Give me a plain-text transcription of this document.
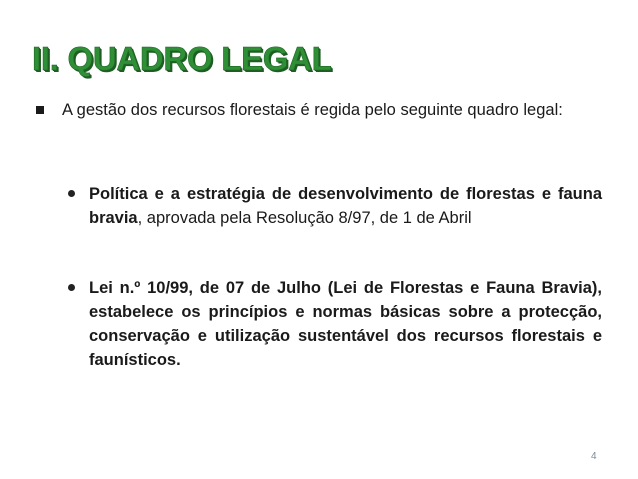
II. QUADRO LEGAL
A gestão dos recursos florestais é regida pelo seguinte quadro legal:
Política e a estratégia de desenvolvimento de florestas e fauna bravia, aprovada pela Resolução 8/97, de 1 de Abril
Lei n.º 10/99, de 07 de Julho (Lei de Florestas e Fauna Bravia), estabelece os princípios e normas básicas sobre a protecção, conservação e utilização sustentável dos recursos florestais e faunísticos.
4
